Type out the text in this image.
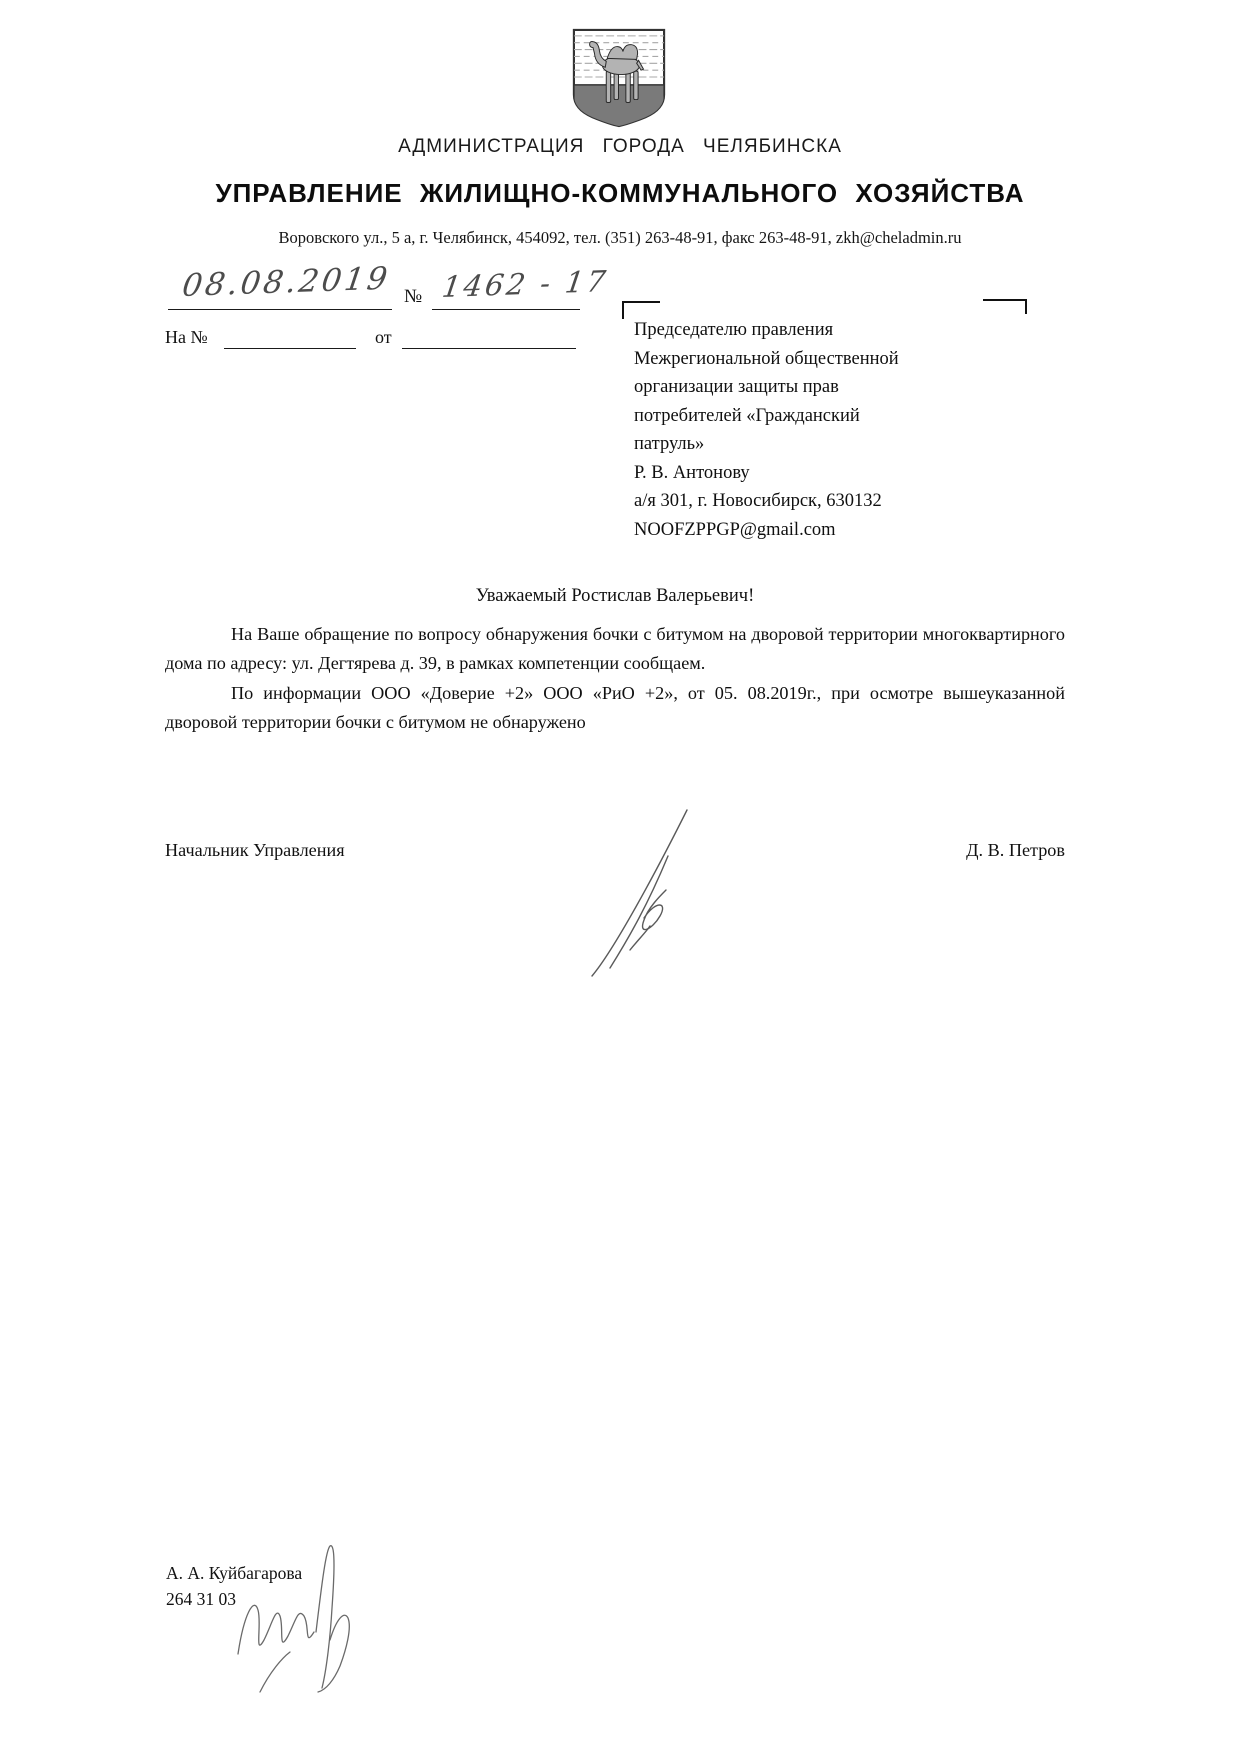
АДМИНИСТРАЦИЯ ГОРОДА ЧЕЛЯБИНСКА
УПРАВЛЕНИЕ ЖИЛИЩНО-КОММУНАЛЬНОГО ХОЗЯЙСТВА
Воровского ул., 5 а, г. Челябинск, 454092, тел. (351) 263-48-91, факс 263-48-91, zkh@cheladmin.ru
08.08.2019 № 1462 - 17
На №	от	Председателю правления
Межрегиональной общественной
организации защиты прав
потребителей «Гражданский
патруль»
Р. В. Антонову
а/я 301, г. Новосибирск, 630132
NOOFZPPGP@gmail.com
Уважаемый Ростислав Валерьевич!

На Ваше обращение по вопросу обнаружения бочки с битумом на дворовой территории многоквартирного дома по адресу: ул. Дегтярева д. 39, в рамках компетенции сообщаем.

По информации ООО «Доверие +2» ООО «РиО +2», от 05. 08.2019г., при осмотре вышеуказанной дворовой территории бочки с битумом не обнаружено

Начальник Управления	Д. В. Петров
А. А. Куйбагарова
264 31 03
